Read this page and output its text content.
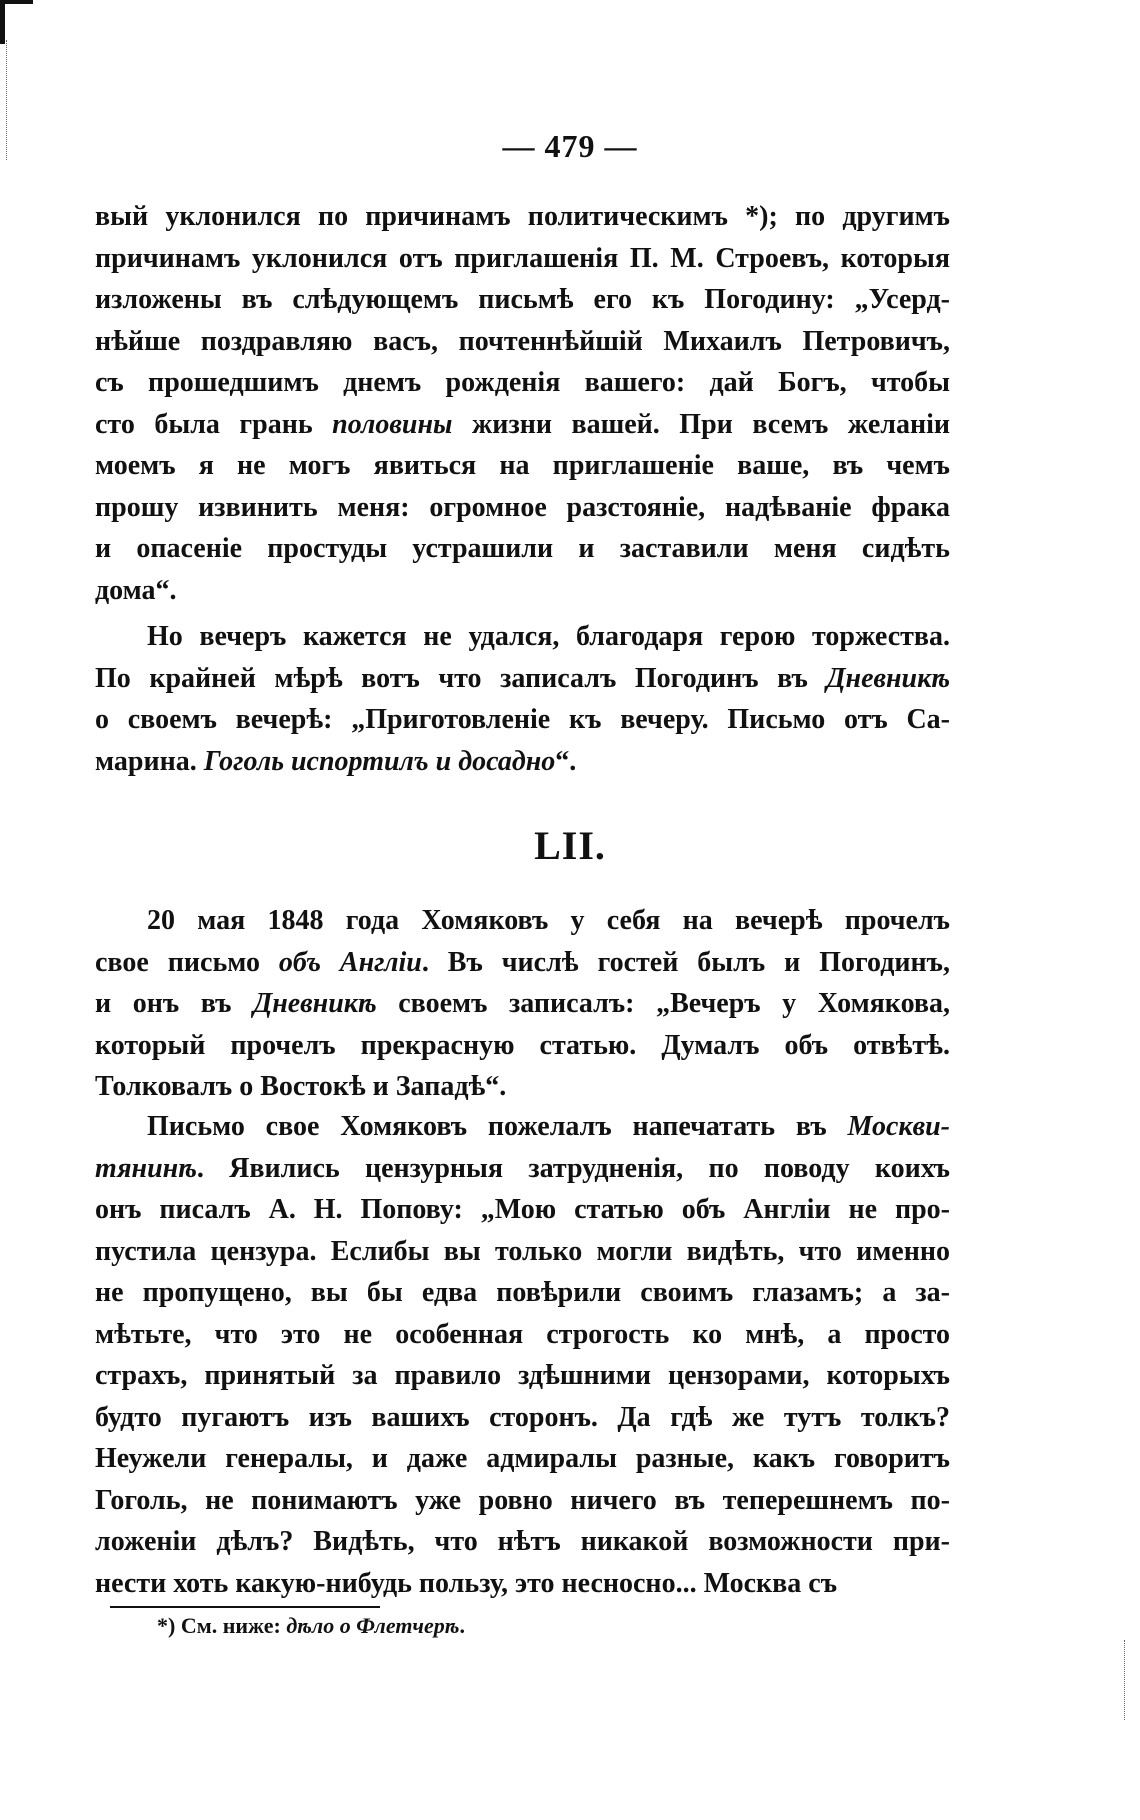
— 479 —
вый уклонился по причинамъ политическимъ *); по другимъ
причинамъ уклонился отъ приглашенія П. М. Строевъ, которыя
изложены въ слѣдующемъ письмѣ его къ Погодину: „Усерд-
нѣйше поздравляю васъ, почтеннѣйшій Михаилъ Петровичъ,
съ прошедшимъ днемъ рожденія вашего: дай Богъ, чтобы
сто была грань половины жизни вашей. При всемъ желаніи
моемъ я не могъ явиться на приглашеніе ваше, въ чемъ
прошу извинить меня: огромное разстояніе, надѣваніе фрака
и опасеніе простуды устрашили и заставили меня сидѣть
дома“.
Но вечеръ кажется не удался, благодаря герою торжества.
По крайней мѣрѣ вотъ что записалъ Погодинъ въ Дневникѣ
о своемъ вечерѣ: „Приготовленіе къ вечеру. Письмо отъ Са-
марина. Гоголь испортилъ и досадно“.
LII.
20 мая 1848 года Хомяковъ у себя на вечерѣ прочелъ
свое письмо объ Англіи. Въ числѣ гостей былъ и Погодинъ,
и онъ въ Дневникѣ своемъ записалъ: „Вечеръ у Хомякова,
который прочелъ прекрасную статью. Думалъ объ отвѣтѣ.
Толковалъ о Востокѣ и Западѣ“.
Письмо свое Хомяковъ пожелалъ напечатать въ Москви-
тянинѣ. Явились цензурныя затрудненія, по поводу коихъ
онъ писалъ А. Н. Попову: „Мою статью объ Англіи не про-
пустила цензура. Еслибы вы только могли видѣть, что именно
не пропущено, вы бы едва повѣрили своимъ глазамъ; а за-
мѣтьте, что это не особенная строгость ко мнѣ, а просто
страхъ, принятый за правило здѣшними цензорами, которыхъ
будто пугаютъ изъ вашихъ сторонъ. Да гдѣ же тутъ толкъ?
Неужели генералы, и даже адмиралы разные, какъ говоритъ
Гоголь, не понимаютъ уже ровно ничего въ теперешнемъ по-
ложеніи дѣлъ? Видѣть, что нѣтъ никакой возможности при-
нести хоть какую-нибудь пользу, это несносно... Москва съ
*) См. ниже: дѣло о Флетчерѣ.
